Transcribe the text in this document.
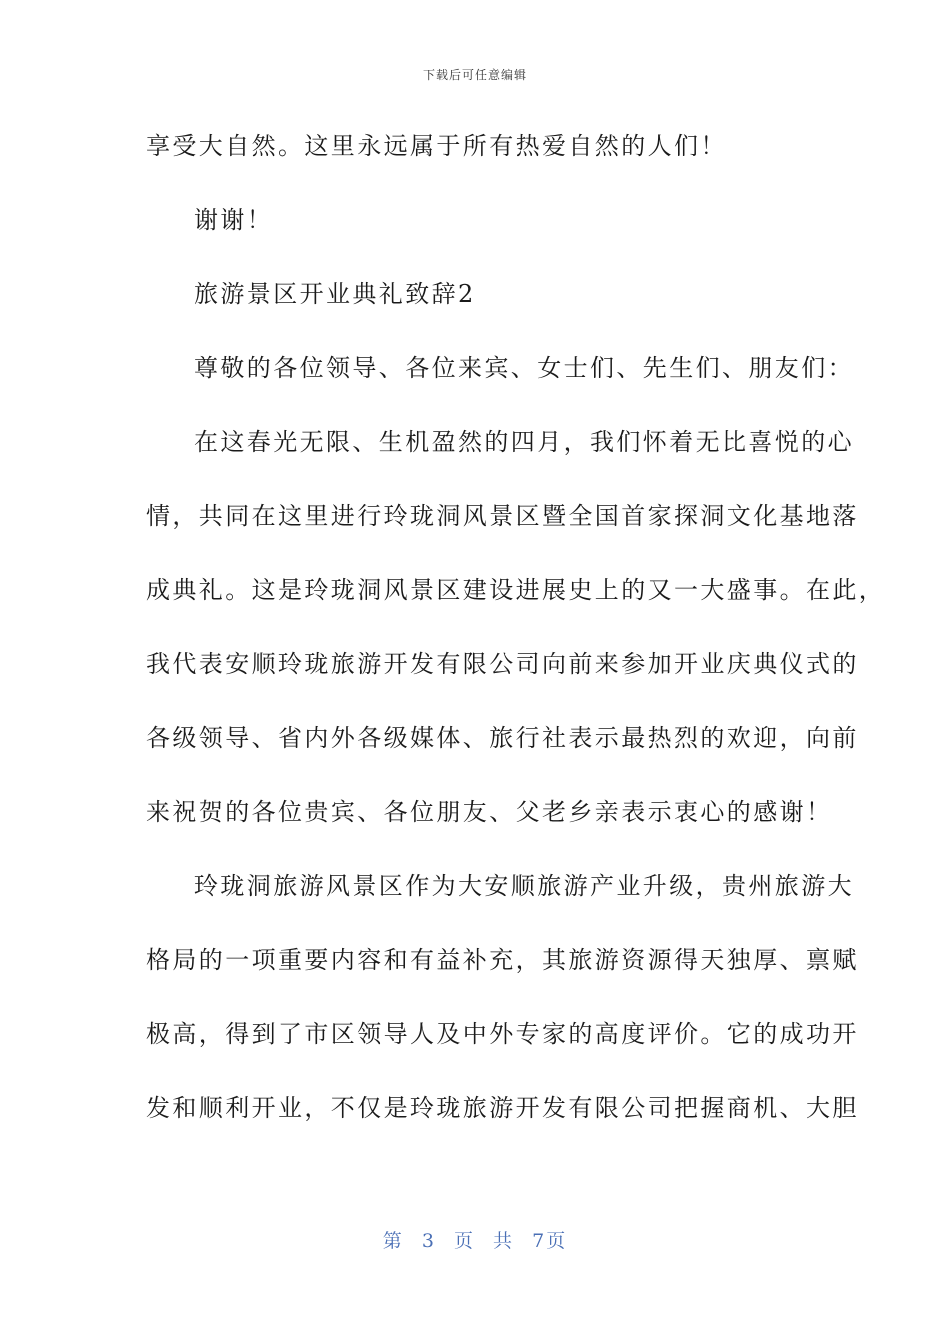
下载后可任意编辑
享受大自然。这里永远属于所有热爱自然的人们！
谢谢！
旅游景区开业典礼致辞2
尊敬的各位领导、各位来宾、女士们、先生们、朋友们：
在这春光无限、生机盈然的四月，我们怀着无比喜悦的心
情，共同在这里进行玲珑洞风景区暨全国首家探洞文化基地落
成典礼。这是玲珑洞风景区建设进展史上的又一大盛事。在此，
我代表安顺玲珑旅游开发有限公司向前来参加开业庆典仪式的
各级领导、省内外各级媒体、旅行社表示最热烈的欢迎，向前
来祝贺的各位贵宾、各位朋友、父老乡亲表示衷心的感谢！
玲珑洞旅游风景区作为大安顺旅游产业升级，贵州旅游大
格局的一项重要内容和有益补充，其旅游资源得天独厚、禀赋
极高，得到了市区领导人及中外专家的高度评价。它的成功开
发和顺利开业，不仅是玲珑旅游开发有限公司把握商机、大胆
第 3 页 共 7页
